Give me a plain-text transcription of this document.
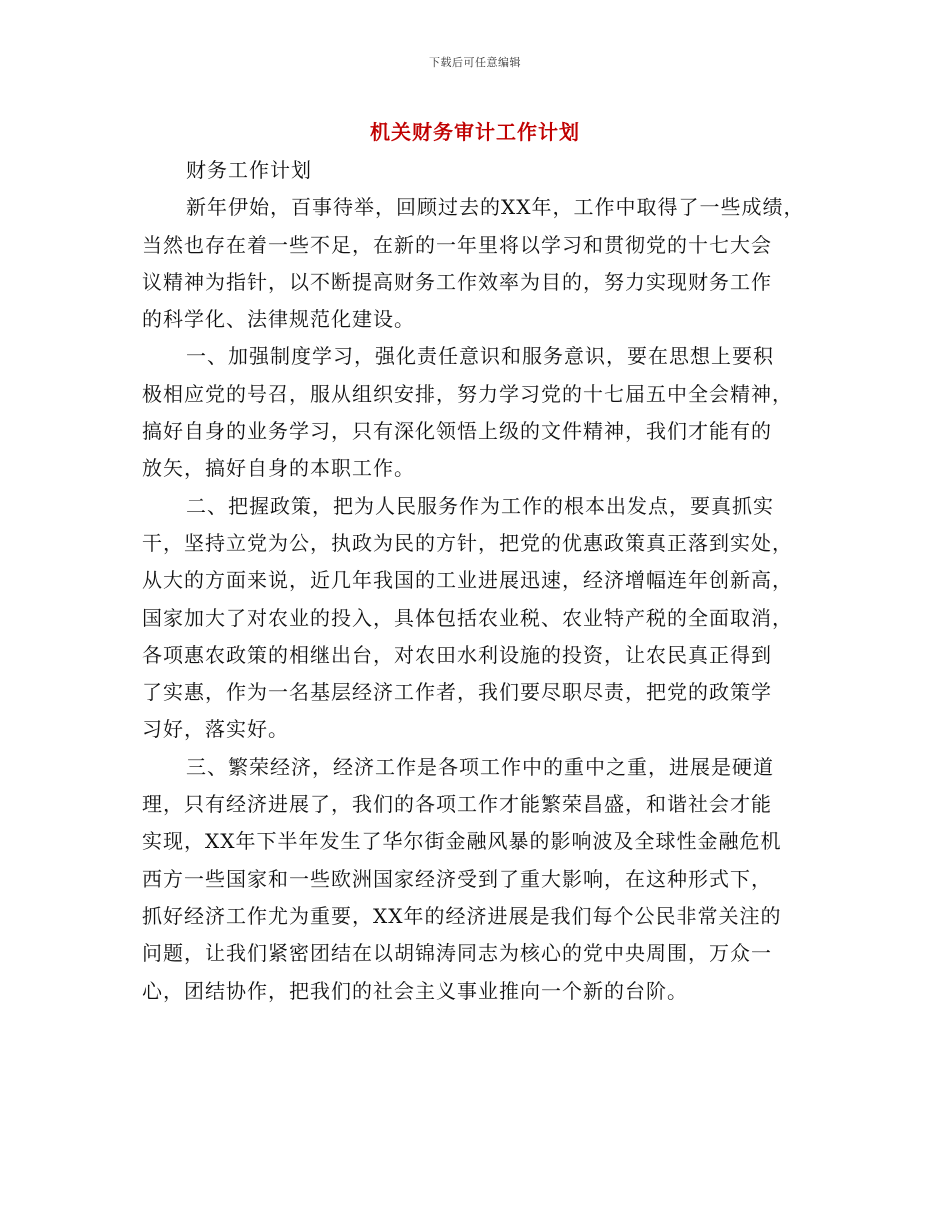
下载后可任意编辑
机关财务审计工作计划
财务工作计划
新年伊始，百事待举，回顾过去的XX年，工作中取得了一些成绩，
当然也存在着一些不足，在新的一年里将以学习和贯彻党的十七大会
议精神为指针，以不断提高财务工作效率为目的，努力实现财务工作
的科学化、法律规范化建设。
一、加强制度学习，强化责任意识和服务意识，要在思想上要积
极相应党的号召，服从组织安排，努力学习党的十七届五中全会精神，
搞好自身的业务学习，只有深化领悟上级的文件精神，我们才能有的
放矢，搞好自身的本职工作。
二、把握政策，把为人民服务作为工作的根本出发点，要真抓实
干，坚持立党为公，执政为民的方针，把党的优惠政策真正落到实处，
从大的方面来说，近几年我国的工业进展迅速，经济增幅连年创新高，
国家加大了对农业的投入，具体包括农业税、农业特产税的全面取消，
各项惠农政策的相继出台，对农田水利设施的投资，让农民真正得到
了实惠，作为一名基层经济工作者，我们要尽职尽责，把党的政策学
习好，落实好。
三、繁荣经济，经济工作是各项工作中的重中之重，进展是硬道
理，只有经济进展了，我们的各项工作才能繁荣昌盛，和谐社会才能
实现，XX年下半年发生了华尔街金融风暴的影响波及全球性金融危机
西方一些国家和一些欧洲国家经济受到了重大影响，在这种形式下，
抓好经济工作尤为重要，XX年的经济进展是我们每个公民非常关注的
问题，让我们紧密团结在以胡锦涛同志为核心的党中央周围，万众一
心，团结协作，把我们的社会主义事业推向一个新的台阶。
